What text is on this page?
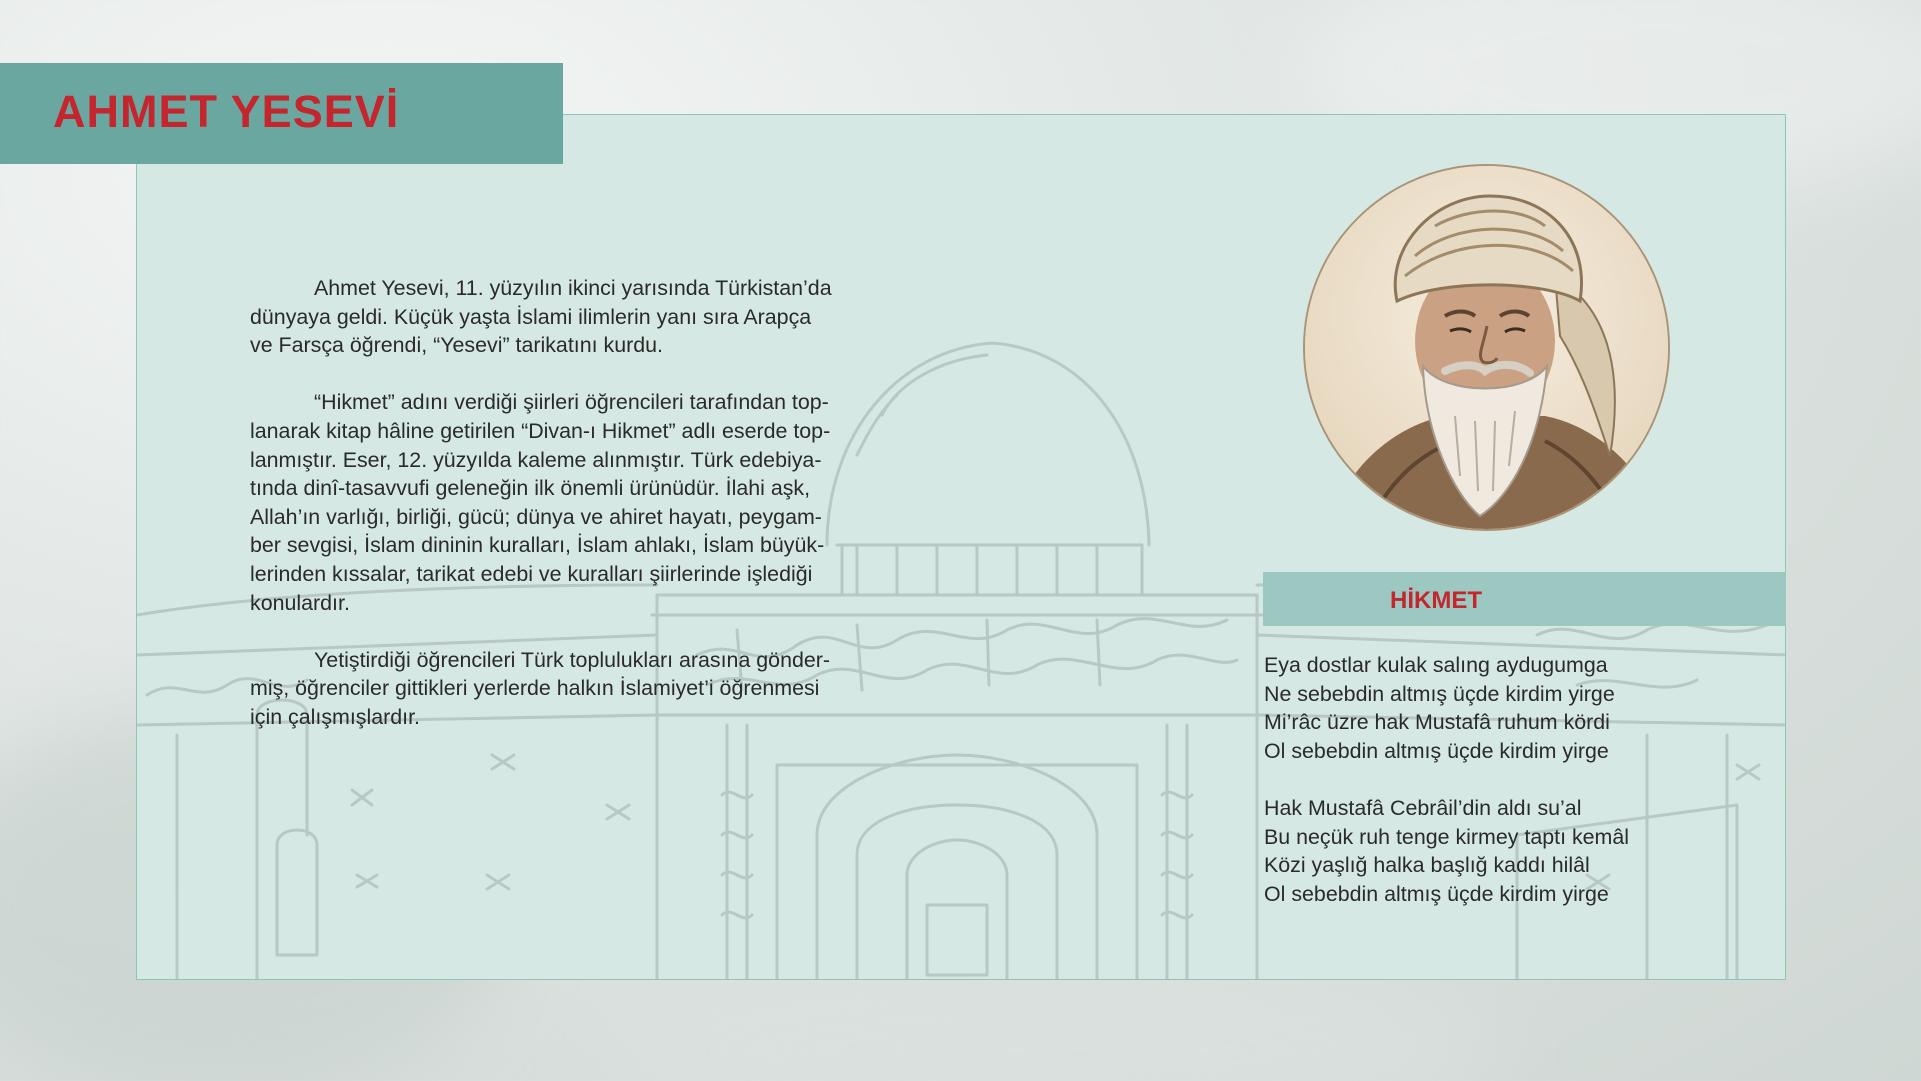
AHMET YESEVİ

Ahmet Yesevi, 11. yüzyılın ikinci yarısında Türkistan’da
dünyaya geldi. Küçük yaşta İslami ilimlerin yanı sıra Arapça
ve Farsça öğrendi, “Yesevi” tarikatını kurdu.

“Hikmet” adını verdiği şiirleri öğrencileri tarafından top-
lanarak kitap hâline getirilen “Divan-ı Hikmet” adlı eserde top-
lanmıştır. Eser, 12. yüzyılda kaleme alınmıştır. Türk edebiya-
tında dinî-tasavvufi geleneğin ilk önemli ürünüdür. İlahi aşk,
Allah’ın varlığı, birliği, gücü; dünya ve ahiret hayatı, peygam-
ber sevgisi, İslam dininin kuralları, İslam ahlakı, İslam büyük-
lerinden kıssalar, tarikat edebi ve kuralları şiirlerinde işlediği
konulardır.

Yetiştirdiği öğrencileri Türk toplulukları arasına gönder-
miş, öğrenciler gittikleri yerlerde halkın İslamiyet’i öğrenmesi
için çalışmışlardır.

HİKMET
Eya dostlar kulak salıng aydugumga
Ne sebebdin altmış üçde kirdim yirge
Mi’râc üzre hak Mustafâ ruhum kördi
Ol sebebdin altmış üçde kirdim yirge
Hak Mustafâ Cebrâil’din aldı su’al
Bu neçük ruh tenge kirmey taptı kemâl
Közi yaşlığ halka başlığ kaddı hilâl
Ol sebebdin altmış üçde kirdim yirge
